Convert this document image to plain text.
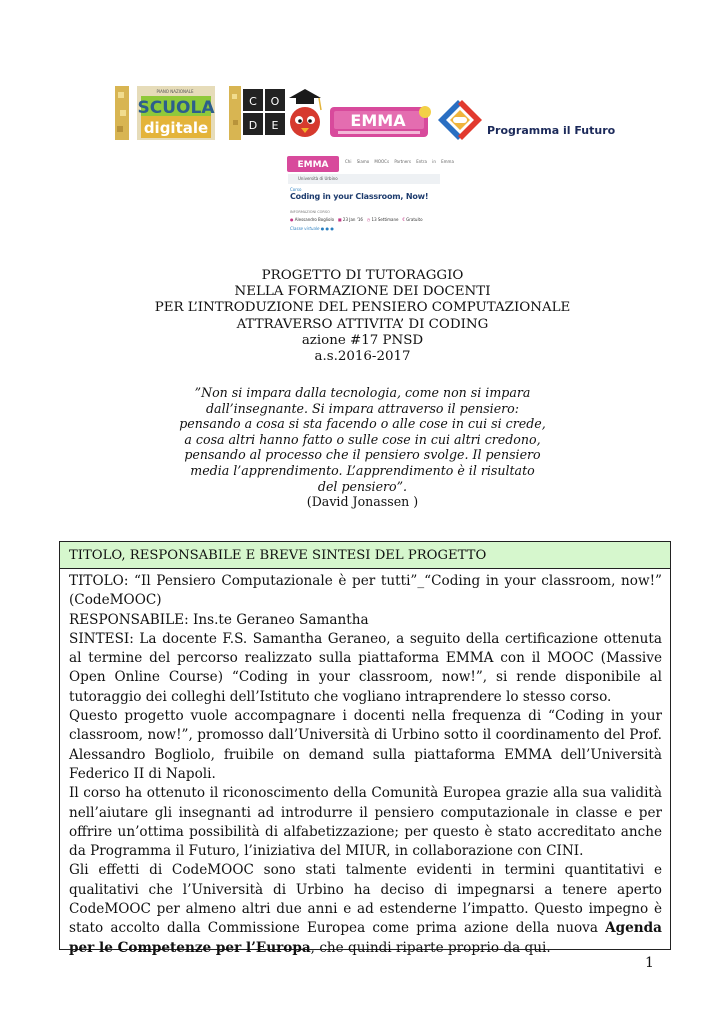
PIANO NAZIONALE
SCUOLA
digitale
C O
D E	EMMA
Programma il Futuro
EMMA	Chi Siamo MOOCs Partners Entra in Emma
Università di Urbino
Corso
Coding in your Classroom, Now!
INFORMAZIONI CORSO
● Alessandro Bogliolo ■ 23 Jan '16 ◷ 13 Settimane € Gratuito
Classe virtuale ● ● ●
PROGETTO DI TUTORAGGIO
NELLA FORMAZIONE DEI DOCENTI
PER L’INTRODUZIONE DEL PENSIERO COMPUTAZIONALE
ATTRAVERSO ATTIVITA’ DI CODING
azione #17 PNSD
a.s.2016-2017
”Non si impara dalla tecnologia, come non si impara
dall’insegnante. Si impara attraverso il pensiero:
pensando a cosa si sta facendo o alle cose in cui si crede,
a cosa altri hanno fatto o sulle cose in cui altri credono,
pensando al processo che il pensiero svolge. Il pensiero
media l’apprendimento. L’apprendimento è il risultato
del pensiero”.
(David Jonassen )
TITOLO, RESPONSABILE E BREVE SINTESI DEL PROGETTO

TITOLO: “Il Pensiero Computazionale è per tutti”_“Coding in your classroom, now!” (CodeMOOC)

RESPONSABILE: Ins.te Geraneo Samantha

SINTESI: La docente F.S. Samantha Geraneo, a seguito della certificazione ottenuta al termine del percorso realizzato sulla piattaforma EMMA con il MOOC (Massive Open Online Course) “Coding in your classroom, now!”, si rende disponibile al tutoraggio dei colleghi dell’Istituto che vogliano intraprendere lo stesso corso.

Questo progetto vuole accompagnare i docenti nella frequenza di “Coding in your classroom, now!”, promosso dall’Università di Urbino sotto il coordinamento del Prof. Alessandro Bogliolo, fruibile on demand sulla piattaforma EMMA dell’Università Federico II di Napoli.

Il corso ha ottenuto il riconoscimento della Comunità Europea grazie alla sua validità nell’aiutare gli insegnanti ad introdurre il pensiero computazionale in classe e per offrire un’ottima possibilità di alfabetizzazione; per questo è stato accreditato anche da Programma il Futuro, l’iniziativa del MIUR, in collaborazione con CINI.

Gli effetti di CodeMOOC sono stati talmente evidenti in termini quantitativi e qualitativi che l’Università di Urbino ha deciso di impegnarsi a tenere aperto CodeMOOC per almeno altri due anni e ad estenderne l’impatto. Questo impegno è stato accolto dalla Commissione Europea come prima azione della nuova Agenda per le Competenze per l’Europa, che quindi riparte proprio da qui.

1
